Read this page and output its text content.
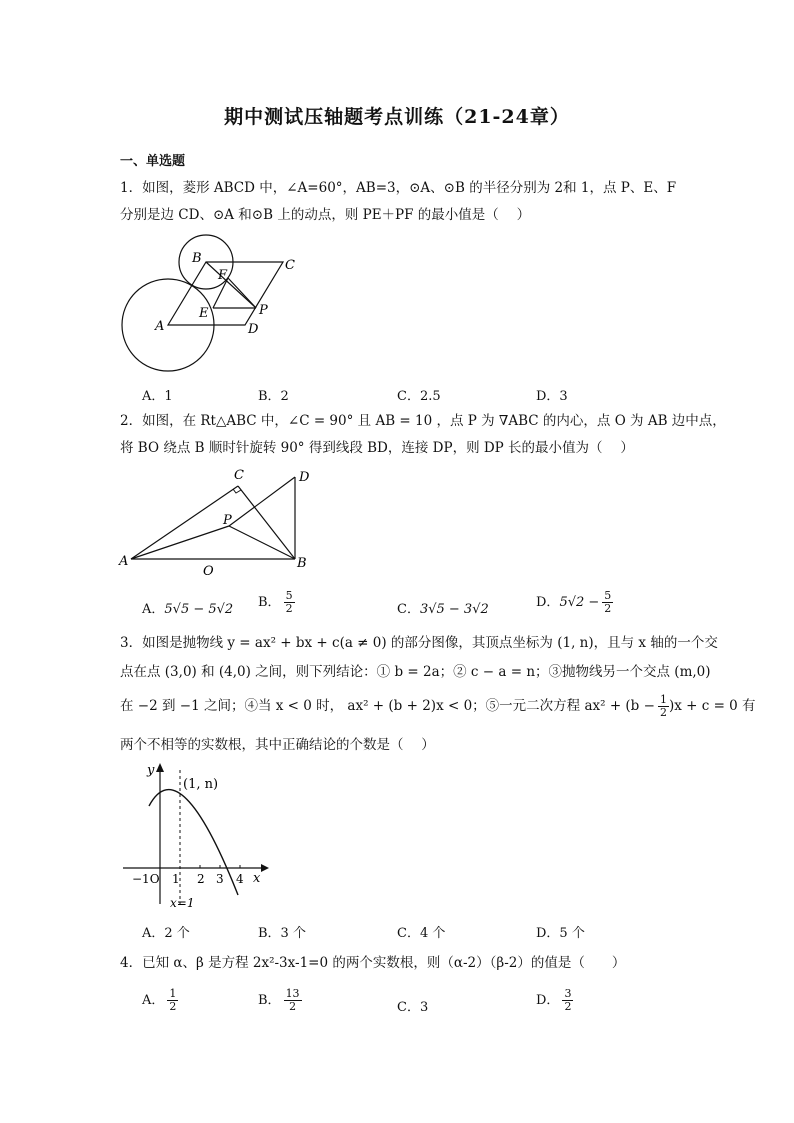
期中测试压轴题考点训练（21-24章）
一、单选题
1．如图，菱形 ABCD 中，∠A=60°，AB=3，⊙A、⊙B 的半径分别为 2和 1，点 P、E、F
分别是边 CD、⊙A 和⊙B 上的动点，则 PE＋PF 的最小值是（　 ）
A
B	C
D
E
F
P
A．1	B．2	C．2.5	D．3
2．如图，在 Rt△ABC 中，∠C = 90° 且 AB = 10 ，点 P 为 ∇ABC 的内心，点 O 为 AB 边中点，
将 BO 绕点 B 顺时针旋转 90° 得到线段 BD，连接 DP，则 DP 长的最小值为（　 ）
A	B
C	D
O
P
A．5√5 − 5√2 B． $\frac{5}{2}$	C．3√5 − 3√2	D．$5√2 - \frac{5}{2}$
3．如图是抛物线 y = ax² + bx + c(a ≠ 0) 的部分图像，其顶点坐标为 (1, n)，且与 x 轴的一个交
点在点 (3,0) 和 (4,0) 之间，则下列结论：① b = 2a；② c − a = n；③抛物线另一个交点 (m,0)
在 −2 到 −1 之间；④当 x < 0 时， ax² + (b + 2)x < 0；⑤一元二次方程 $ax^2 + (b - \frac{1}{2} )x + c = 0$ 有
两个不相等的实数根，其中正确结论的个数是（　 ）
y
x
(1, n)
−1O 1 2 3 4
x=1
A．2 个	B．3 个	C．4 个	D．5 个
4．已知 α、β 是方程 2x²-3x-1=0 的两个实数根，则（α-2）（β-2）的值是（　　）
A． $\frac{1}{2}$	B． $\frac{13}{2}$	C．3	D． $\frac{3}{2}$
